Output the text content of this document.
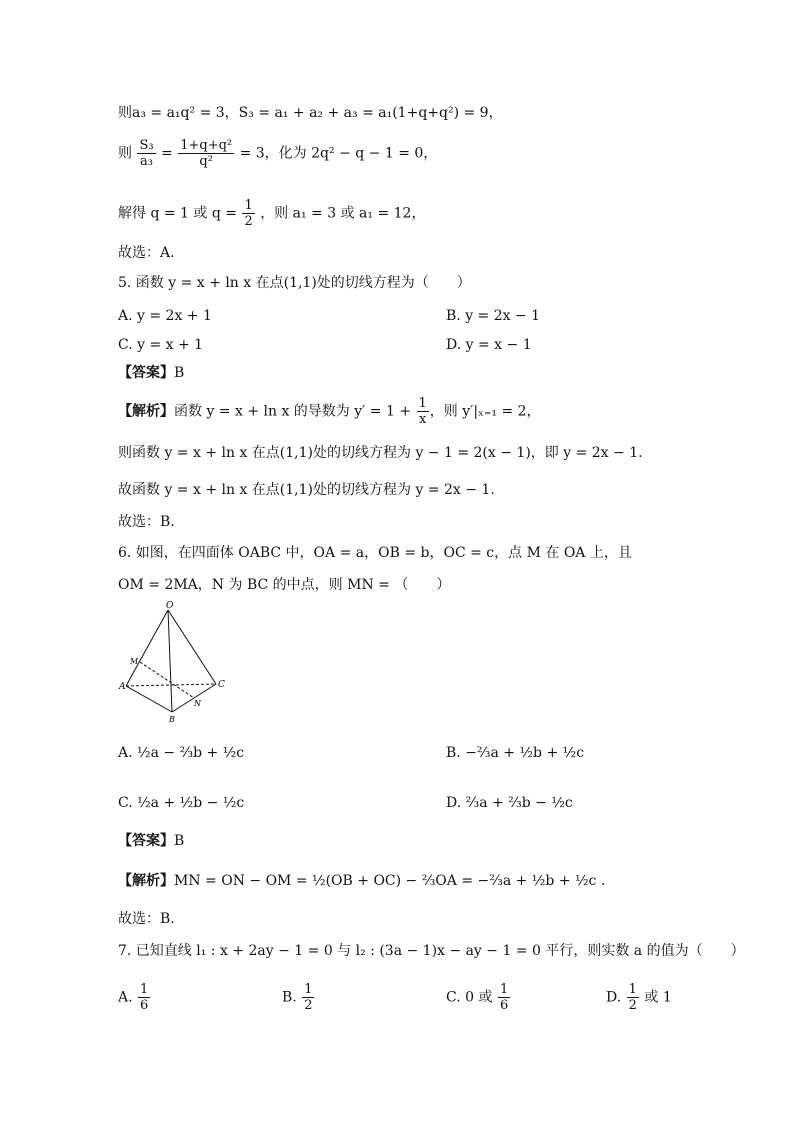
则a₃ = a₁q² = 3，S₃ = a₁ + a₂ + a₃ = a₁(1+q+q²) = 9，
则 $\frac{\text{S₃}}{\text{a₃}} = \frac{\text{1+q+q²}}{\text{q²}} = 3$，化为 2q² − q − 1 = 0，
解得 q = 1 或 $q = \frac{1}{2}$ ，则 a₁ = 3 或 a₁ = 12，
故选：A.
5. 函数 y = x + ln x 在点(1,1)处的切线方程为（　　）
A. y = 2x + 1	B. y = 2x − 1
C. y = x + 1	D. y = x − 1
【答案】B
【解析】函数 y = x + ln x 的导数为 $y' = 1 + \frac{1}{x}$ ，则 y′|ₓ₌₁ = 2，
则函数 y = x + ln x 在点(1,1)处的切线方程为 y − 1 = 2(x − 1)，即 y = 2x − 1.
故函数 y = x + ln x 在点(1,1)处的切线方程为 y = 2x − 1.
故选：B.
6. 如图，在四面体 OABC 中，OA = a，OB = b，OC = c，点 M 在 OA 上，且
OM = 2MA，N 为 BC 的中点，则 MN = （　　）
O
M
A
B
C
N
A. ½a − ⅔b + ½c	B. −⅔a + ½b + ½c
C. ½a + ½b − ½c	D. ⅔a + ⅔b − ½c
【答案】B
【解析】MN = ON − OM = ½(OB + OC) − ⅔OA = −⅔a + ½b + ½c .
故选：B.
7. 已知直线 l₁ : x + 2ay − 1 = 0 与 l₂ : (3a − 1)x − ay − 1 = 0 平行，则实数 a 的值为（　　）
A. $\frac{1}{6}$	B. $\frac{1}{2}$	C. 0 或 $\frac{1}{6}$	D. $\frac{1}{2}$ 或 1
